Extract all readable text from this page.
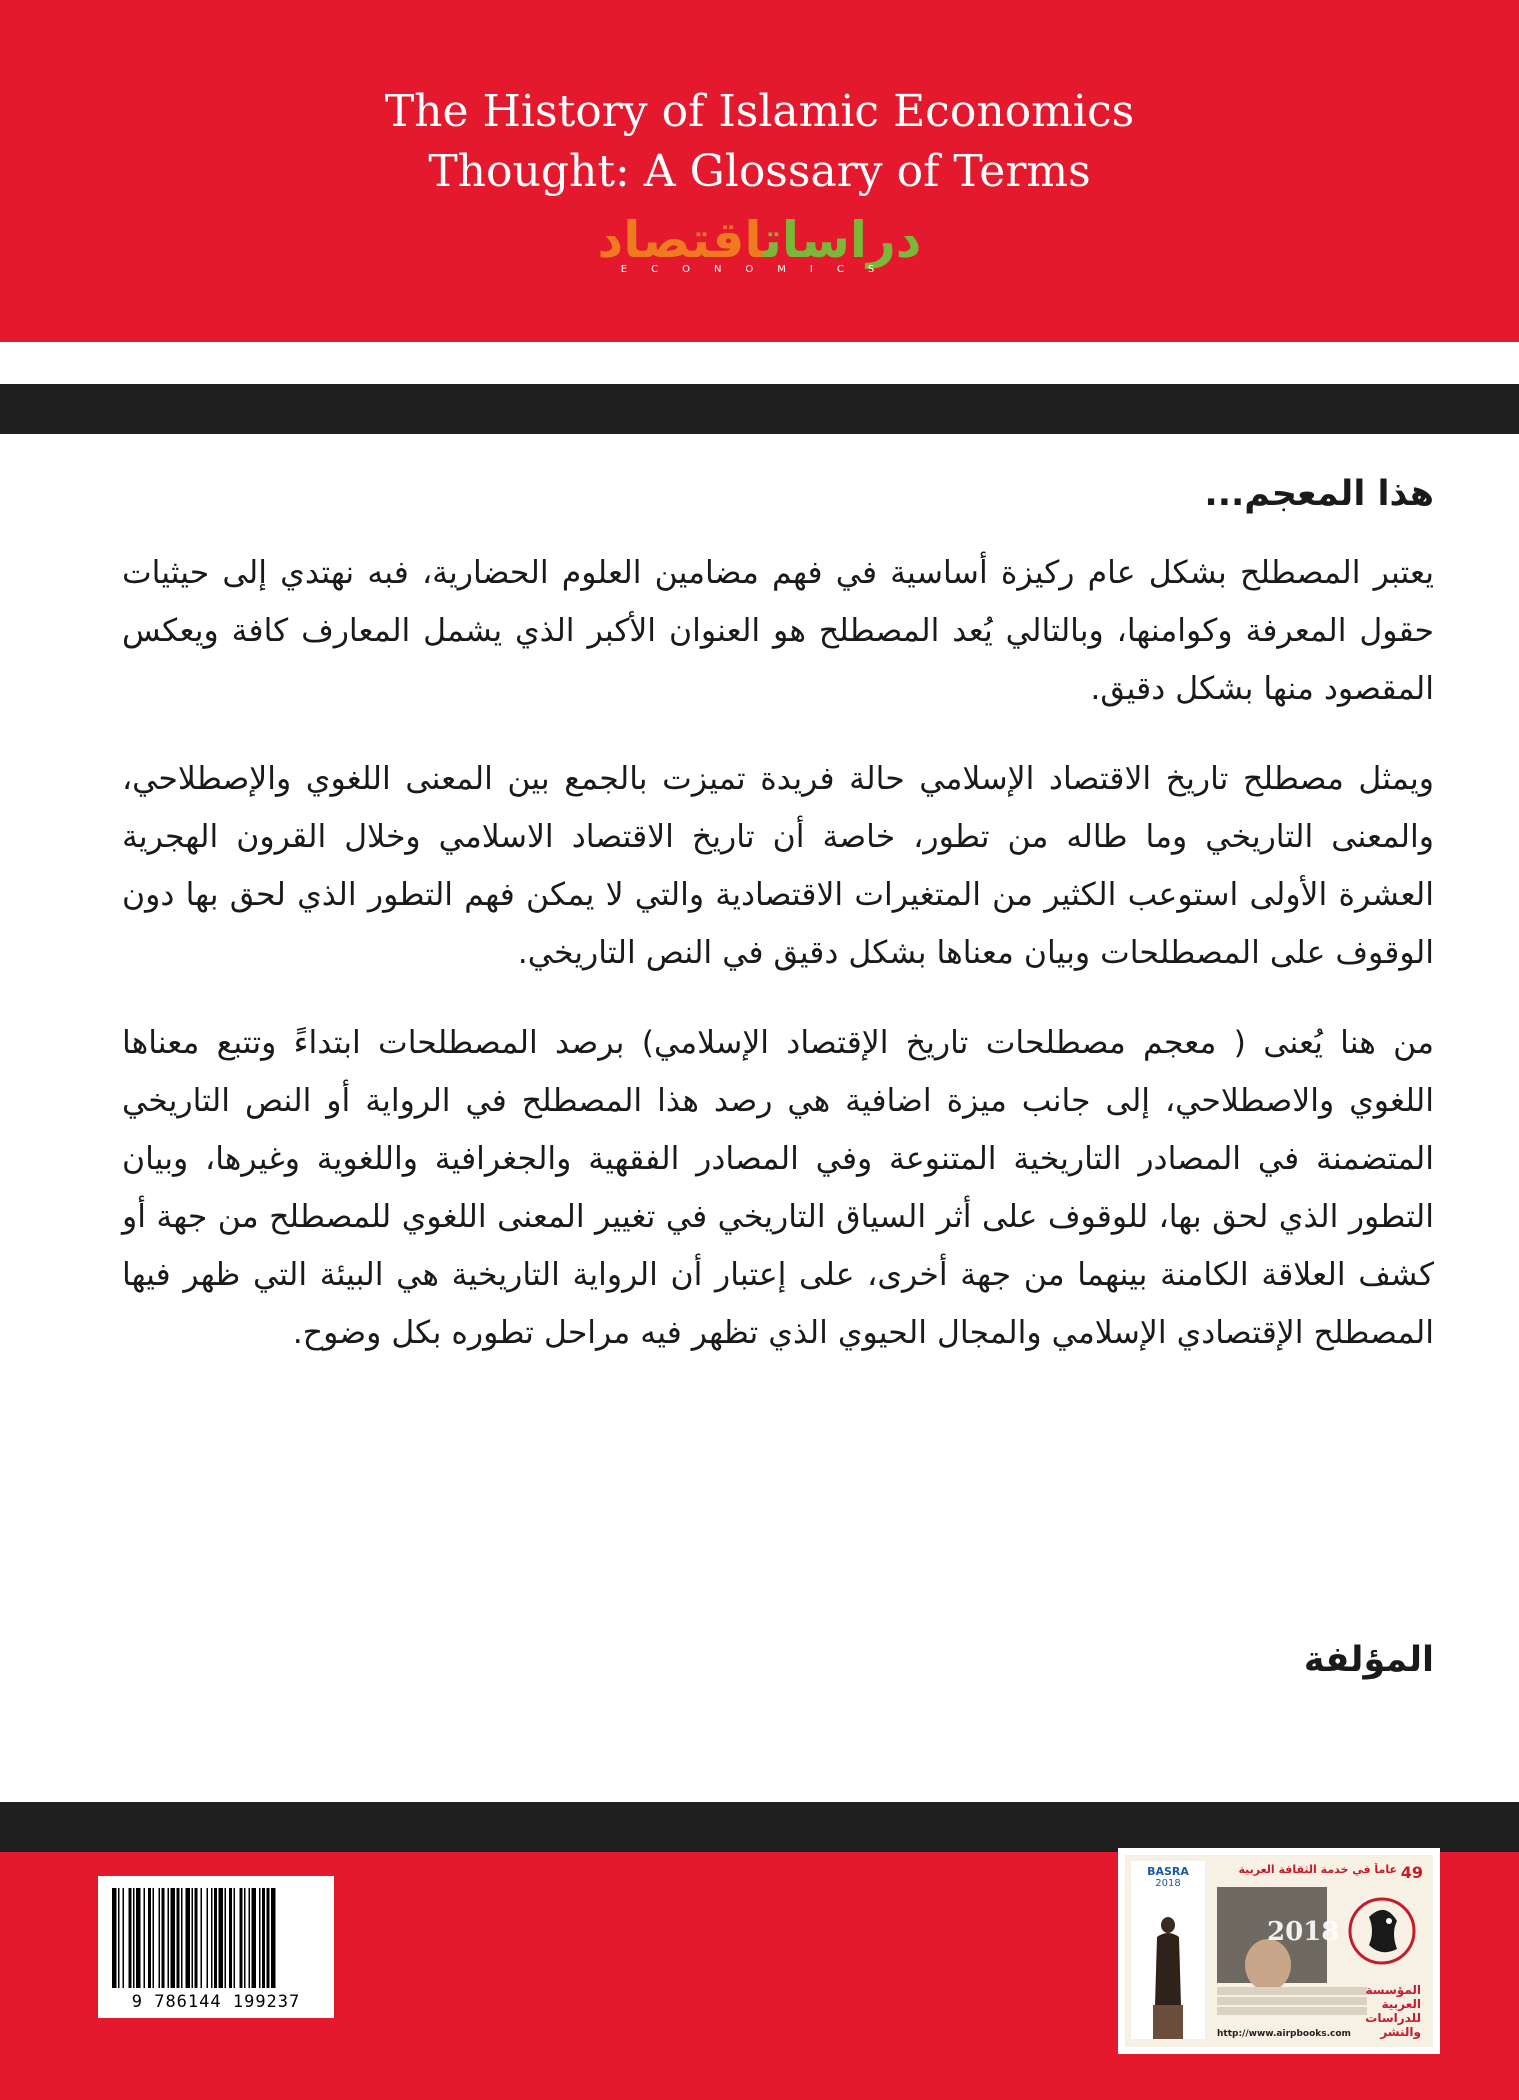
The History of Islamic Economics
Thought: A Glossary of Terms
دراساتاقتصاد
ECONOMICS
هذا المعجم...

يعتبر المصطلح بشكل عام ركيزة أساسية في فهم مضامين العلوم الحضارية، فبه نهتدي إلى حيثيات حقول المعرفة وكوامنها، وبالتالي يُعد المصطلح هو العنوان الأكبر الذي يشمل المعارف كافة ويعكس المقصود منها بشكل دقيق.

ويمثل مصطلح تاريخ الاقتصاد الإسلامي حالة فريدة تميزت بالجمع بين المعنى اللغوي والإصطلاحي، والمعنى التاريخي وما طاله من تطور، خاصة أن تاريخ الاقتصاد الاسلامي وخلال القرون الهجرية العشرة الأولى استوعب الكثير من المتغيرات الاقتصادية والتي لا يمكن فهم التطور الذي لحق بها دون الوقوف على المصطلحات وبيان معناها بشكل دقيق في النص التاريخي.

من هنا يُعنى ( معجم مصطلحات تاريخ الإقتصاد الإسلامي) برصد المصطلحات ابتداءً وتتبع معناها اللغوي والاصطلاحي، إلى جانب ميزة اضافية هي رصد هذا المصطلح في الرواية أو النص التاريخي المتضمنة في المصادر التاريخية المتنوعة وفي المصادر الفقهية والجغرافية واللغوية وغيرها، وبيان التطور الذي لحق بها، للوقوف على أثر السياق التاريخي في تغيير المعنى اللغوي للمصطلح من جهة أو كشف العلاقة الكامنة بينهما من جهة أخرى، على إعتبار أن الرواية التاريخية هي البيئة التي ظهر فيها المصطلح الإقتصادي الإسلامي والمجال الحيوي الذي تظهر فيه مراحل تطوره بكل وضوح.

المؤلفة
9 786144 199237
BASRA
2018
49
عاماً في خدمة الثقافة العربية
2018
المؤسسة العربية للدراسات والنشر
http://www.airpbooks.com
